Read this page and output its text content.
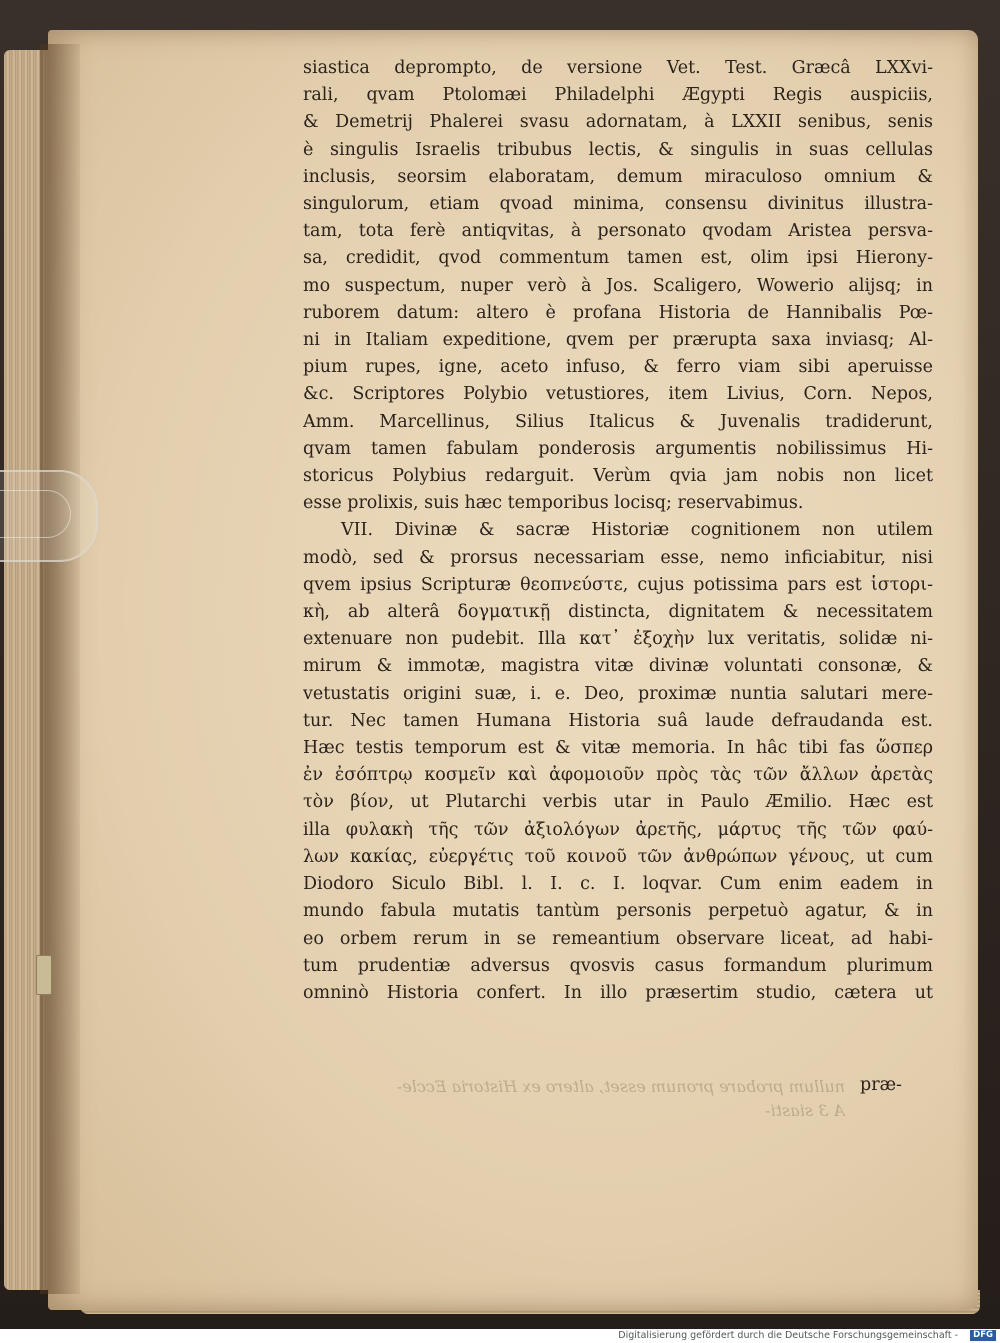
nullum probare pronum esset, altero ex Historia Eccle-
A 3 siasti-
siastica deprompto, de versione Vet. Test. Græcâ LXXvi-
rali, qvam Ptolomæi Philadelphi Ægypti Regis auspiciis,
& Demetrij Phalerei svasu adornatam, à LXXII senibus, senis
è singulis Israelis tribubus lectis, & singulis in suas cellulas
inclusis, seorsim elaboratam, demum miraculoso omnium &
singulorum, etiam qvoad minima, consensu divinitus illustra-
tam, tota ferè antiqvitas, à personato qvodam Aristea persva-
sa, credidit, qvod commentum tamen est, olim ipsi Hierony-
mo suspectum, nuper verò à Jos. Scaligero, Wowerio alijsq; in
ruborem datum: altero è profana Historia de Hannibalis Pœ-
ni in Italiam expeditione, qvem per prærupta saxa inviasq; Al-
pium rupes, igne, aceto infuso, & ferro viam sibi aperuisse
&c. Scriptores Polybio vetustiores, item Livius, Corn. Nepos,
Amm. Marcellinus, Silius Italicus & Juvenalis tradiderunt,
qvam tamen fabulam ponderosis argumentis nobilissimus Hi-
storicus Polybius redarguit. Verùm qvia jam nobis non licet
esse prolixis, suis hæc temporibus locisq; reservabimus.
VII. Divinæ & sacræ Historiæ cognitionem non utilem
modò, sed & prorsus necessariam esse, nemo inficiabitur, nisi
qvem ipsius Scripturæ θεοπνεύστε, cujus potissima pars est ἱστορι-
κὴ, ab alterâ δογματικῇ distincta, dignitatem & necessitatem
extenuare non pudebit. Illa κατ᾽ ἐξοχὴν lux veritatis, solidæ ni-
mirum & immotæ, magistra vitæ divinæ voluntati consonæ, &
vetustatis origini suæ, i. e. Deo, proximæ nuntia salutari mere-
tur. Nec tamen Humana Historia suâ laude defraudanda est.
Hæc testis temporum est & vitæ memoria. In hâc tibi fas ὥσπερ
ἐν ἐσόπτρῳ κοσμεῖν καὶ ἀφομοιοῦν πρὸς τὰς τῶν ἄλλων ἀρετὰς
τὸν βίον, ut Plutarchi verbis utar in Paulo Æmilio. Hæc est
illa φυλακὴ τῆς τῶν ἀξιολόγων ἀρετῆς, μάρτυς τῆς τῶν φαύ-
λων κακίας, εὐεργέτις τοῦ κοινοῦ τῶν ἀνθρώπων γένους, ut cum
Diodoro Siculo Bibl. l. I. c. I. loqvar. Cum enim eadem in
mundo fabula mutatis tantùm personis perpetuò agatur, & in
eo orbem rerum in se remeantium observare liceat, ad habi-
tum prudentiæ adversus qvosvis casus formandum plurimum
omninò Historia confert. In illo præsertim studio, cætera ut
præ-
Digitalisierung gefördert durch die Deutsche Forschungsgemeinschaft -	DFG
